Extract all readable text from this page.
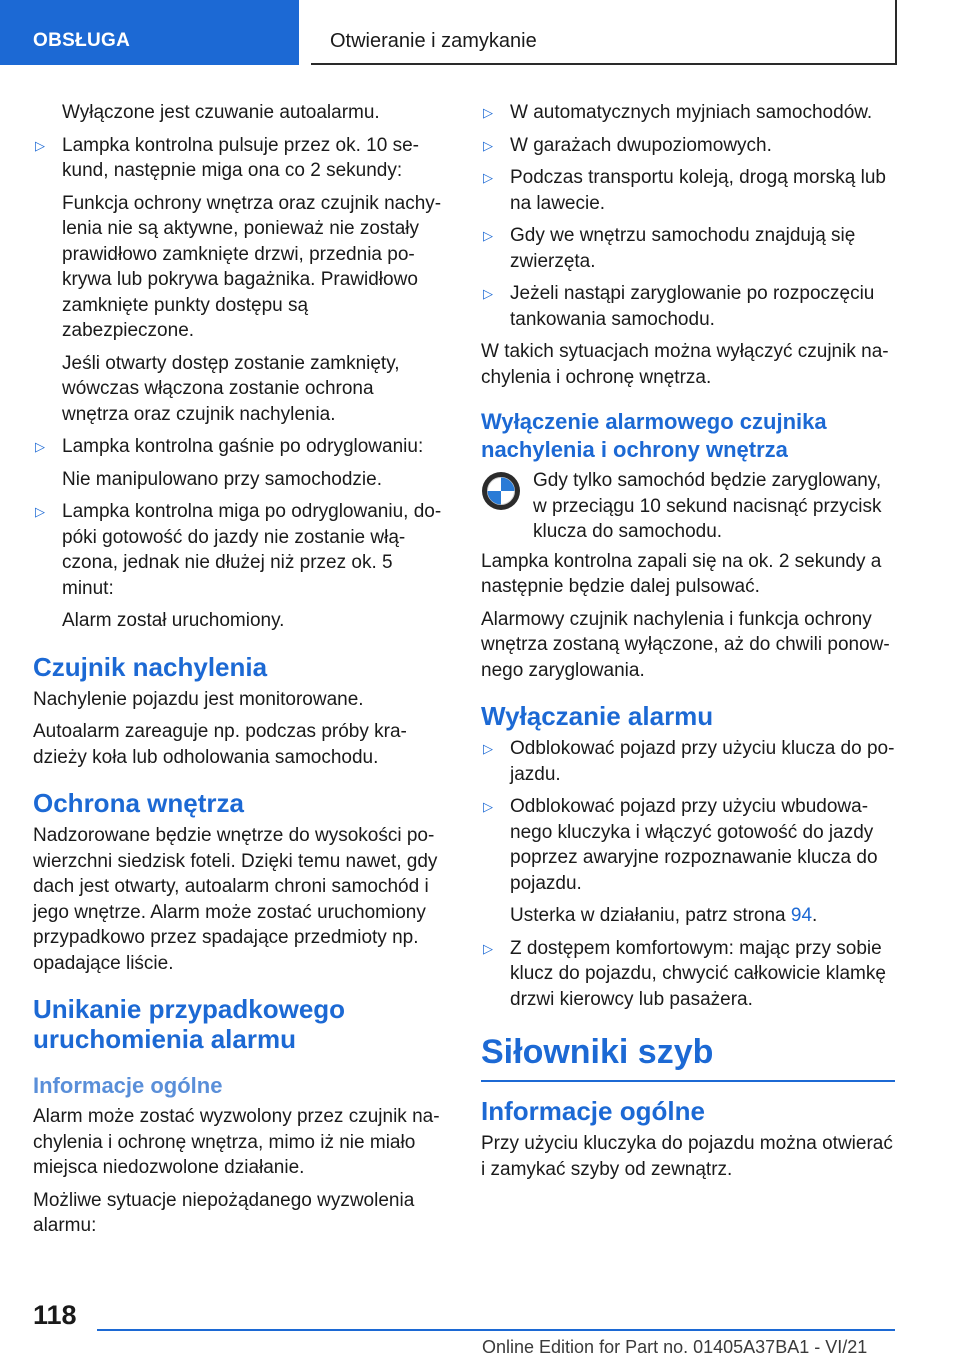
OBSŁUGA	Otwieranie i zamykanie

Wyłączone jest czuwanie autoalarmu.

▷ Lampka kontrolna pulsuje przez ok. 10 sekund, następnie miga ona co 2 sekundy:

Funkcja ochrony wnętrza oraz czujnik nachylenia nie są aktywne, ponieważ nie zostały prawidłowo zamknięte drzwi, przednia pokrywa lub pokrywa bagażnika. Prawidłowo zamknięte punkty dostępu są zabezpieczone.

Jeśli otwarty dostęp zostanie zamknięty, wówczas włączona zostanie ochrona wnętrza oraz czujnik nachylenia.

▷ Lampka kontrolna gaśnie po odryglowaniu:

Nie manipulowano przy samochodzie.

▷ Lampka kontrolna miga po odryglowaniu, dopóki gotowość do jazdy nie zostanie włączona, jednak nie dłużej niż przez ok. 5 minut:

Alarm został uruchomiony.

Czujnik nachylenia

Nachylenie pojazdu jest monitorowane.

Autoalarm zareaguje np. podczas próby kradzieży koła lub odholowania samochodu.

Ochrona wnętrza

Nadzorowane będzie wnętrze do wysokości powierzchni siedzisk foteli. Dzięki temu nawet, gdy dach jest otwarty, autoalarm chroni samochód i jego wnętrze. Alarm może zostać uruchomiony przypadkowo przez spadające przedmioty np. opadające liście.

Unikanie przypadkowego uruchomienia alarmu
Informacje ogólne

Alarm może zostać wyzwolony przez czujnik nachylenia i ochronę wnętrza, mimo iż nie miało miejsca niedozwolone działanie.

Możliwe sytuacje niepożądanego wyzwolenia alarmu:

▷ W automatycznych myjniach samochodów.
▷ W garażach dwupoziomowych.
▷ Podczas transportu koleją, drogą morską lub na lawecie.
▷ Gdy we wnętrzu samochodu znajdują się zwierzęta.
▷ Jeżeli nastąpi zaryglowanie po rozpoczęciu tankowania samochodu.

W takich sytuacjach można wyłączyć czujnik nachylenia i ochronę wnętrza.

Wyłączenie alarmowego czujnika nachylenia i ochrony wnętrza

Gdy tylko samochód będzie zaryglowany, w przeciągu 10 sekund nacisnąć przycisk klucza do samochodu.

Lampka kontrolna zapali się na ok. 2 sekundy a następnie będzie dalej pulsować.

Alarmowy czujnik nachylenia i funkcja ochrony wnętrza zostaną wyłączone, aż do chwili ponownego zaryglowania.

Wyłączanie alarmu
▷ Odblokować pojazd przy użyciu klucza do pojazdu.
▷ Odblokować pojazd przy użyciu wbudowanego kluczyka i włączyć gotowość do jazdy poprzez awaryjne rozpoznawanie klucza do pojazdu.

Usterka w działaniu, patrz strona 94.

▷ Z dostępem komfortowym: mając przy sobie klucz do pojazdu, chwycić całkowicie klamkę drzwi kierowcy lub pasażera.
Siłowniki szyb
Informacje ogólne

Przy użyciu kluczyka do pojazdu można otwierać i zamykać szyby od zewnątrz.

118
Online Edition for Part no. 01405A37BA1 - VI/21
